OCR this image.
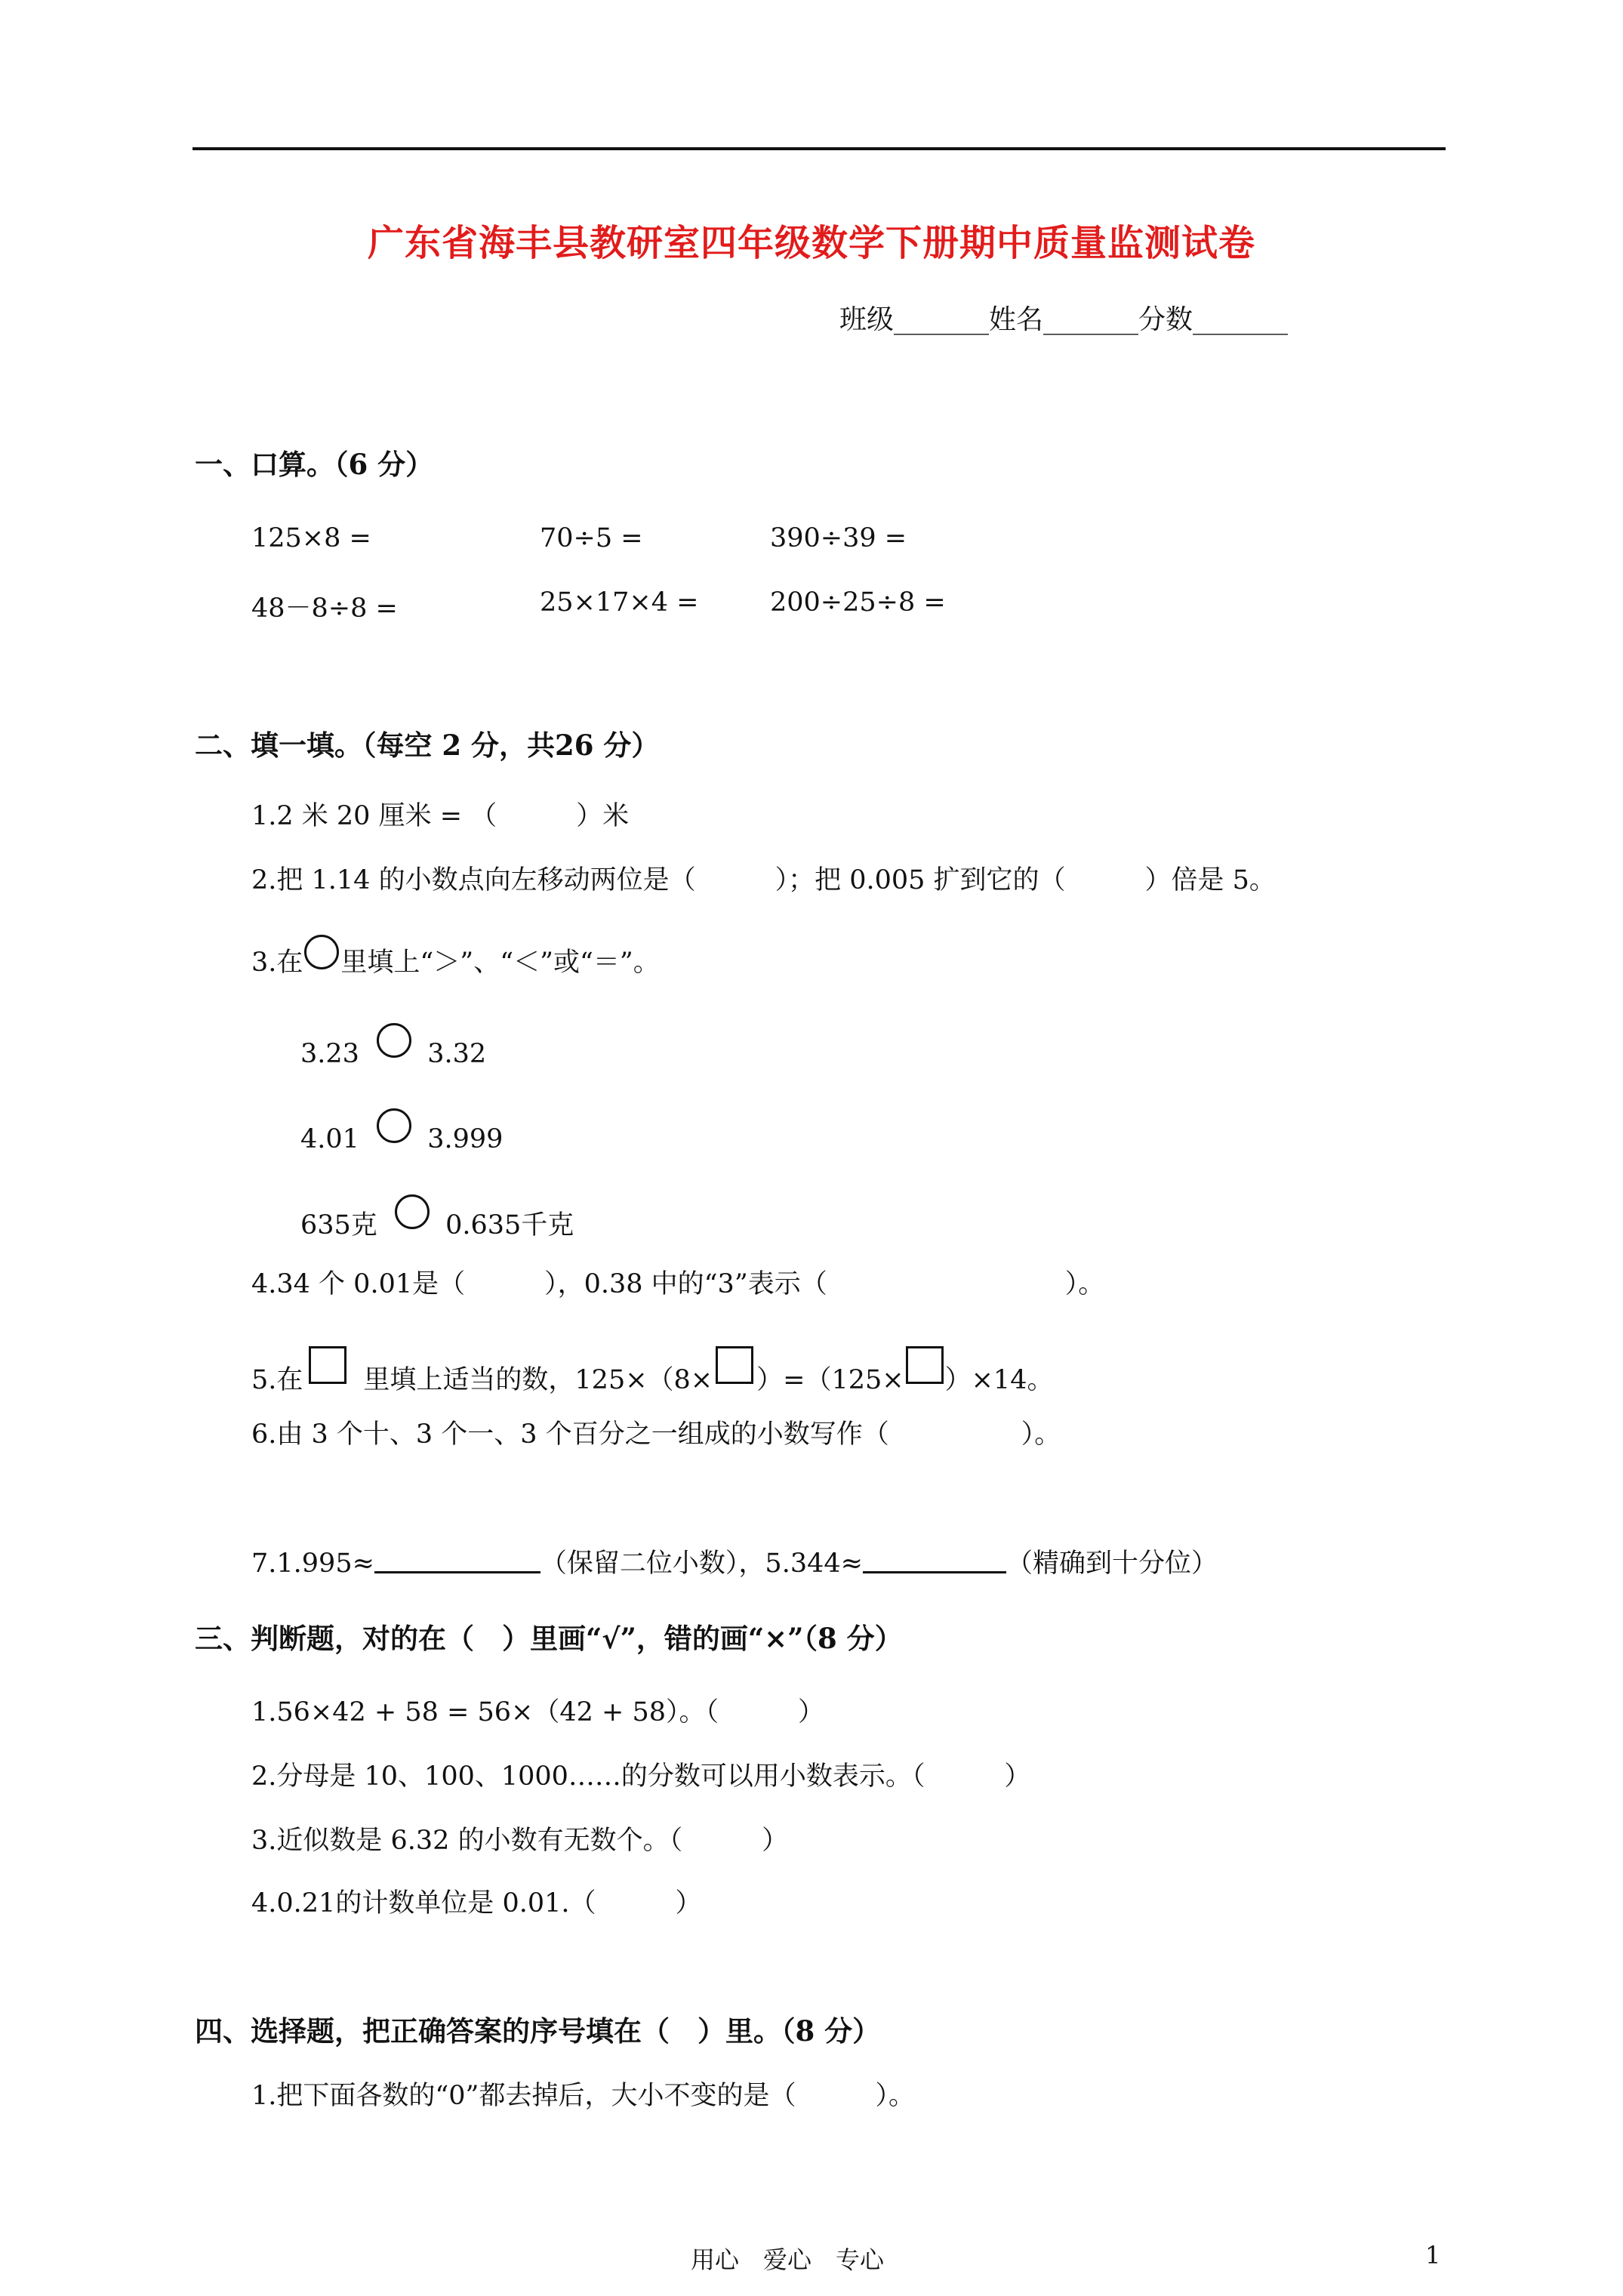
广东省海丰县教研室四年级数学下册期中质量监测试卷
班级_______姓名_______分数_______
一、口算。（6 分）
125×8 =	70÷5 =	390÷39 =
48－8÷8 =	25×17×4 =	200÷25÷8 =
二、填一填。（每空 2 分，共26 分）
1.2 米 20 厘米 = （　　　）米
2.把 1.14 的小数点向左移动两位是（　　　）；把 0.005 扩到它的（　　　）倍是 5。
3.在 里填上“＞”、“＜”或“＝”。
3.23	3.32
4.01	3.999
635克	0.635千克
4.34 个 0.01是（　　　），0.38 中的“3”表示（　　　　　　　　　）。
5.在 里填上适当的数，125×（8× ）=（125× ）×14。
6.由 3 个十、3 个一、3 个百分之一组成的小数写作（　　　　　）。
7.1.995≈	（保留二位小数），5.344≈	（精确到十分位）
三、判断题，对的在（　）里画“√”，错的画“×”（8 分）
1.56×42 + 58 = 56×（42 + 58）。（　　　）
2.分母是 10、100、1000……的分数可以用小数表示。（　　　）
3.近似数是 6.32 的小数有无数个。（　　　）
4.0.21的计数单位是 0.01.（　　　）
四、选择题，把正确答案的序号填在（　）里。（8 分）
1.把下面各数的“0”都去掉后，大小不变的是（　　　）。
用心　爱心　专心	1
